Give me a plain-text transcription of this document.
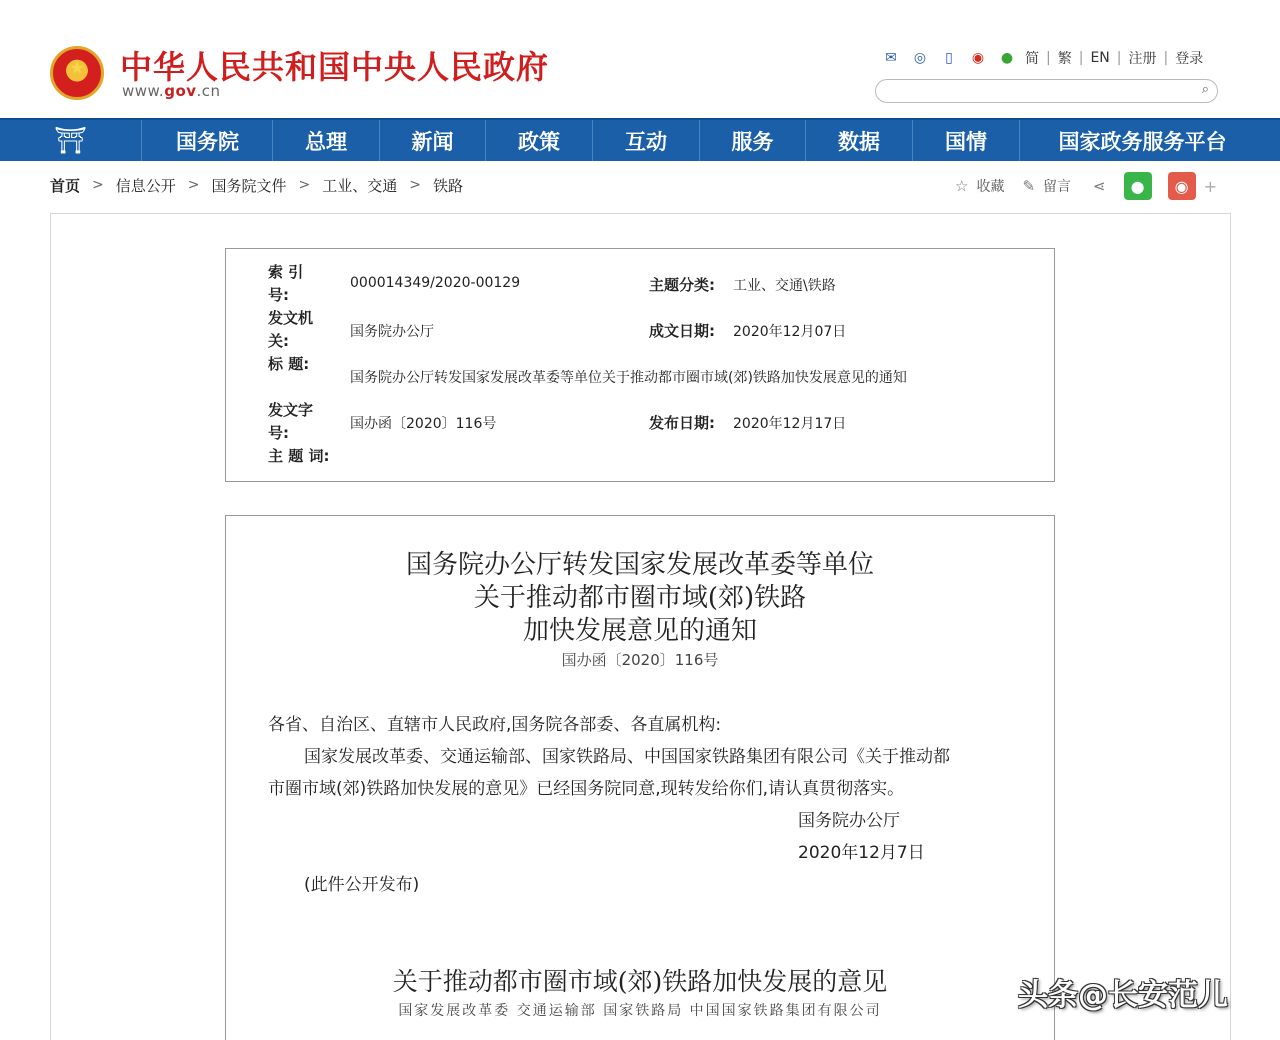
中华人民共和国中央人民政府
www.gov.cn
✉	◎	▯	◉	● 简 | 繁 | EN | 注册 | 登录
⌕
⛩	国务院	总理	新闻	政策	互动	服务	数据	国情	国家政务服务平台
首页 > 信息公开 > 国务院文件 > 工业、交通 > 铁路	☆ 收藏 ✎ 留言 ⋖	●	◉ +
索 引 号:
000014349/2020-00129	主题分类: 工业、交通\铁路
发文机关:	国务院办公厅	成文日期: 2020年12月07日
标 题:
国务院办公厅转发国家发展改革委等单位关于推动都市圈市域(郊)铁路加快发展意见的通知
发文字号:	国办函〔2020〕116号	发布日期: 2020年12月17日
主 题 词:
国务院办公厅转发国家发展改革委等单位
关于推动都市圈市域(郊)铁路
加快发展意见的通知
国办函〔2020〕116号
各省、自治区、直辖市人民政府,国务院各部委、各直属机构:
国家发展改革委、交通运输部、国家铁路局、中国国家铁路集团有限公司《关于推动都
市圈市域(郊)铁路加快发展的意见》已经国务院同意,现转发给你们,请认真贯彻落实。
国务院办公厅
2020年12月7日
(此件公开发布)
关于推动都市圈市域(郊)铁路加快发展的意见
国家发展改革委 交通运输部 国家铁路局 中国国家铁路集团有限公司	头条@长安范儿
